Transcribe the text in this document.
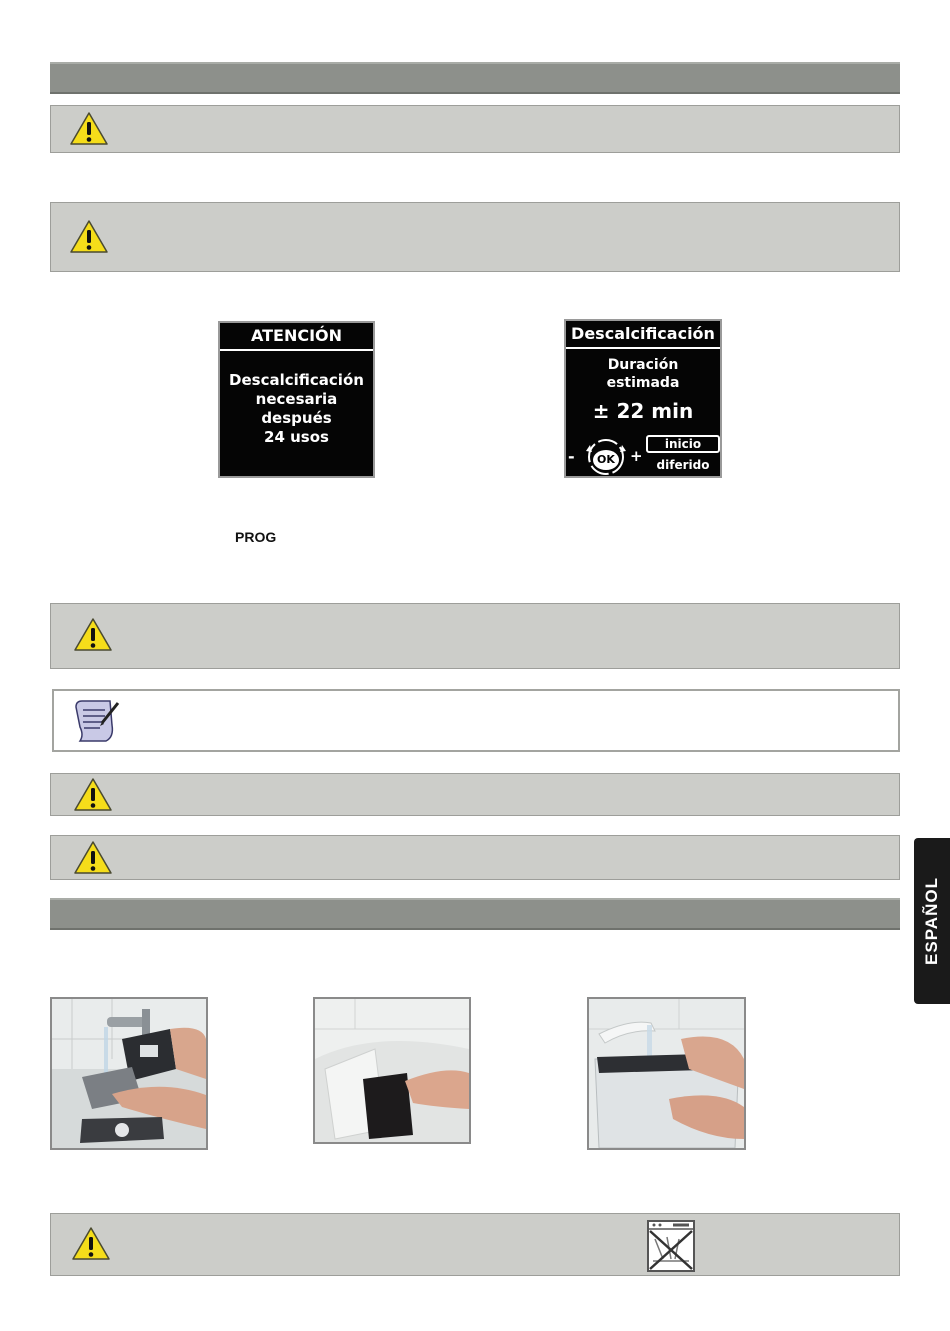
ATENCIÓN
Descalcificación
necesaria
después
24 usos
Descalcificación
Duración
estimada
± 22 min
OK
-	+
inicio
diferido
PROG
ESPAÑOL
